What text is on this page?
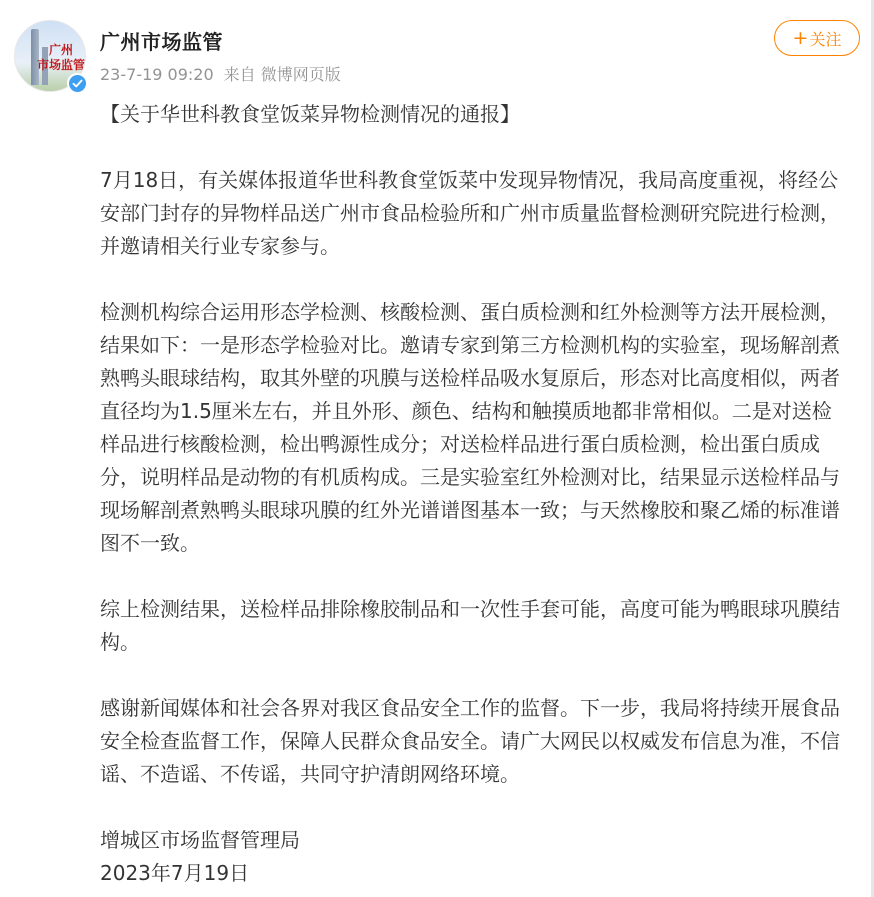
广州
市场监管
广州市场监管
23-7-19 09:20 来自 微博网页版
+ 关注

【关于华世科教食堂饭菜异物检测情况的通报】

7月18日，有关媒体报道华世科教食堂饭菜中发现异物情况，我局高度重视，将经公安部门封存的异物样品送广州市食品检验所和广州市质量监督检测研究院进行检测，并邀请相关行业专家参与。

检测机构综合运用形态学检测、核酸检测、蛋白质检测和红外检测等方法开展检测，结果如下：一是形态学检验对比。邀请专家到第三方检测机构的实验室，现场解剖煮熟鸭头眼球结构，取其外壁的巩膜与送检样品吸水复原后，形态对比高度相似，两者直径均为1.5厘米左右，并且外形、颜色、结构和触摸质地都非常相似。二是对送检样品进行核酸检测，检出鸭源性成分；对送检样品进行蛋白质检测，检出蛋白质成分，说明样品是动物的有机质构成。三是实验室红外检测对比，结果显示送检样品与现场解剖煮熟鸭头眼球巩膜的红外光谱谱图基本一致；与天然橡胶和聚乙烯的标准谱图不一致。

综上检测结果，送检样品排除橡胶制品和一次性手套可能，高度可能为鸭眼球巩膜结构。

感谢新闻媒体和社会各界对我区食品安全工作的监督。下一步，我局将持续开展食品安全检查监督工作，保障人民群众食品安全。请广大网民以权威发布信息为准，不信谣、不造谣、不传谣，共同守护清朗网络环境。

增城区市场监督管理局

2023年7月19日
